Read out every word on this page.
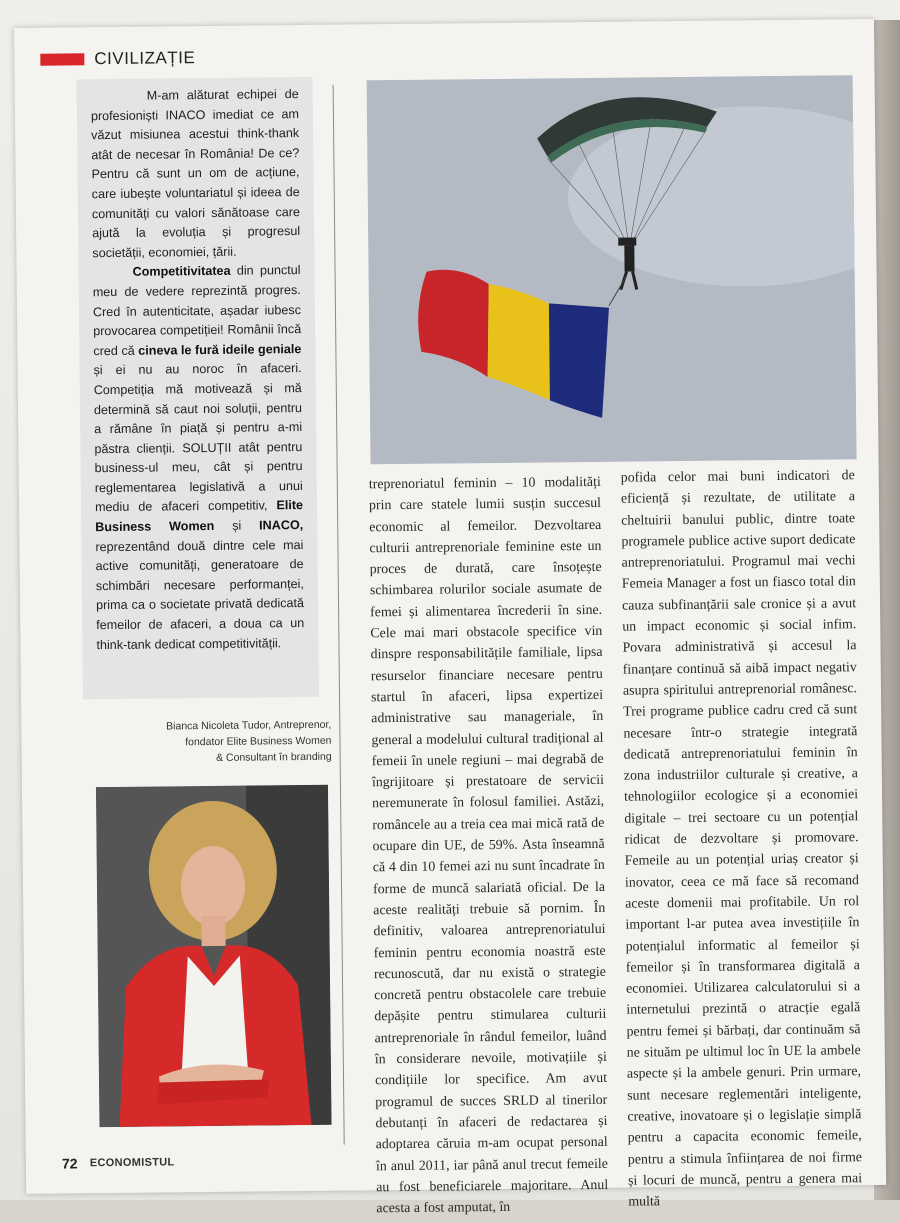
CIVILIZAȚIE

M-am alăturat echipei de profesioniști INACO imediat ce am văzut misiunea acestui think-thank atât de necesar în România! De ce? Pentru că sunt un om de acțiune, care iubește voluntariatul și ideea de comunități cu valori sănătoase care ajută la evoluția și progresul societății, economiei, țării.

Competitivitatea din punctul meu de vedere reprezintă progres. Cred în autenticitate, așadar iubesc provocarea competiției! Românii încă cred că cineva le fură ideile geniale și ei nu au noroc în afaceri. Competiția mă motivează și mă determină să caut noi soluții, pentru a rămâne în piață și pentru a-mi păstra clienții. SOLUȚII atât pentru business-ul meu, cât și pentru reglementarea legislativă a unui mediu de afaceri competitiv, Elite Business Women și INACO, reprezentând două dintre cele mai active comunități, generatoare de schimbări necesare performanței, prima ca o societate privată dedicată femeilor de afaceri, a doua ca un think-tank dedicat competitivității.

Bianca Nicoleta Tudor, Antreprenor,
fondator Elite Business Women
& Consultant în branding

treprenoriatul feminin – 10 modalități prin care statele lumii susțin succesul economic al femeilor. Dezvoltarea culturii antreprenoriale feminine este un proces de durată, care însoțește schimbarea rolurilor sociale asumate de femei și alimentarea încrederii în sine. Cele mai mari obstacole specifice vin dinspre responsabilitățile familiale, lipsa resurselor financiare necesare pentru startul în afaceri, lipsa expertizei administrative sau manageriale, în general a modelului cultural tradițional al femeii în unele regiuni – mai degrabă de îngrijitoare și prestatoare de servicii neremunerate în folosul familiei. Astăzi, româncele au a treia cea mai mică rată de ocupare din UE, de 59%. Asta înseamnă că 4 din 10 femei azi nu sunt încadrate în forme de muncă salariată oficial. De la aceste realități trebuie să pornim. În definitiv, valoarea antreprenoriatului feminin pentru economia noastră este recunoscută, dar nu există o strategie concretă pentru obstacolele care trebuie depășite pentru stimularea culturii antreprenoriale în rândul femeilor, luând în considerare nevoile, motivațiile și condițiile lor specifice. Am avut programul de succes SRLD al tinerilor debutanți în afaceri de redactarea și adoptarea căruia m-am ocupat personal în anul 2011, iar până anul trecut femeile au fost beneficiarele majoritare. Anul acesta a fost amputat, în

pofida celor mai buni indicatori de eficiență și rezultate, de utilitate a cheltuirii banului public, dintre toate programele publice active suport dedicate antreprenoriatului. Programul mai vechi Femeia Manager a fost un fiasco total din cauza subfinanțării sale cronice și a avut un impact economic și social infim. Povara administrativă și accesul la finanțare continuă să aibă impact negativ asupra spiritului antreprenorial românesc. Trei programe publice cadru cred că sunt necesare într-o strategie integrată dedicată antreprenoriatului feminin în zona industriilor culturale și creative, a tehnologiilor ecologice și a economiei digitale – trei sectoare cu un potențial ridicat de dezvoltare și promovare. Femeile au un potențial uriaș creator și inovator, ceea ce mă face să recomand aceste domenii mai profitabile. Un rol important l-ar putea avea investițiile în potențialul informatic al femeilor și femeilor și în transformarea digitală a economiei. Utilizarea calculatorului si a internetului prezintă o atracție egală pentru femei și bărbați, dar continuăm să ne situăm pe ultimul loc în UE la ambele aspecte și la ambele genuri. Prin urmare, sunt necesare reglementări inteligente, creative, inovatoare și o legislație simplă pentru a capacita economic femeile, pentru a stimula înființarea de noi firme și locuri de muncă, pentru a genera mai multă

72 ECONOMISTUL
